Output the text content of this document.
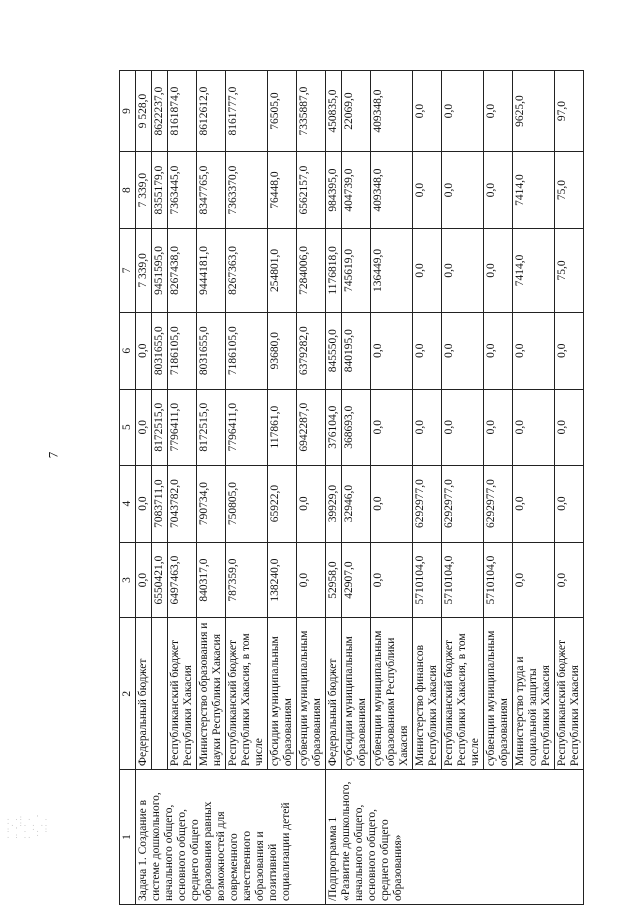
7
1	2	3	4	5	6	7	8	9
Задача 1. Создание в системе дошкольного, начального общего, основного общего, среднего общего образования равных возможностей для современного качественного образования и позитивной социализации детей	Федеральный бюджет	0,0	0,0	0,0	0,0	7 339,0	7 339,0	9 528,0
		6550421,0	7083711,0	8172515,0	8031655,0	9451595,0	8355179,0	8622237,0
	Республиканский бюджет Республики Хакасия	6497463,0	7043782,0	7796411,0	7186105,0	8267438,0	7363445,0	8161874,0
	Министерство образования и науки Республики Хакасия	840317,0	790734,0	8172515,0	8031655,0	9444181,0	8347765,0	8612612,0
	Республиканский бюджет Республики Хакасия, в том числе	787359,0	750805,0	7796411,0	7186105,0	8267363,0	7363370,0	8161777,0
	субсидии муниципальным образованиям	138240,0	65922,0	117861,0	93680,0	254801,0	76448,0	76505,0
	субвенции муниципальным образованиям	0,0	0,0	6942287,0	6379282,0	7284006,0	6562157,0	7335887,0
/Подпрограмма 1 «Развитие дошкольного, начального общего, основного общего, среднего общего образования»	Федеральный бюджет	52958,0	39929,0	376104,0	845550,0	1176818,0	984395,0	450835,0
	субсидии муниципальным образованиям	42907,0	32946,0	368693,0	840195,0	745619,0	404739,0	22069,0
	субвенции муниципальным образованиям Республики Хакасия	0,0	0,0	0,0	0,0	136449,0	409348,0	409348,0
	Министерство финансов Республики Хакасия	5710104,0	6292977,0	0,0	0,0	0,0	0,0	0,0
	Республиканский бюджет Республики Хакасия, в том числе	5710104,0	6292977,0	0,0	0,0	0,0	0,0	0,0
	субвенции муниципальным образованиям	5710104,0	6292977,0	0,0	0,0	0,0	0,0	0,0
	Министерство труда и социальной защиты Республики Хакасия	0,0	0,0	0,0	0,0	7414,0	7414,0	9625,0
	Республиканский бюджет Республики Хакасия	0,0	0,0	0,0	0,0	75,0	75,0	97,0
. .: . ' .
·. :. . ..
: ' . ·. :
. : .. ·
